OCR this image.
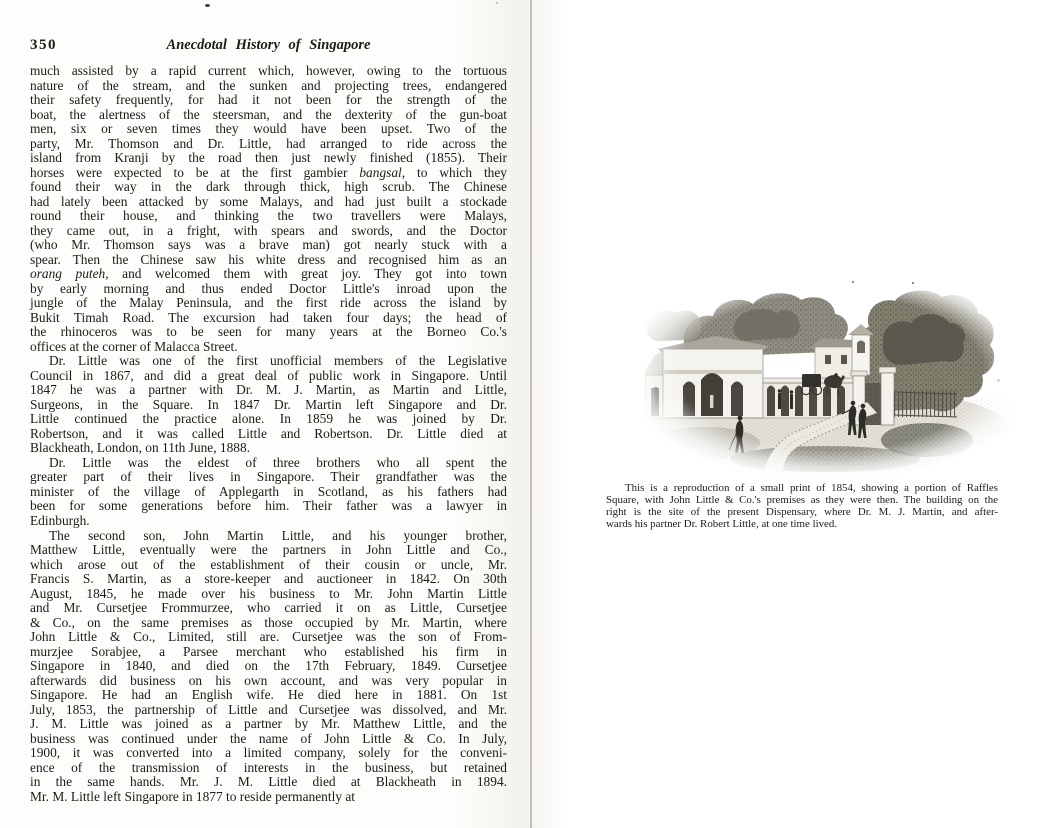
350	Anecdotal History of Singapore
much assisted by a rapid current which, however, owing to the tortuous
nature of the stream, and the sunken and projecting trees, endangered
their safety frequently, for had it not been for the strength of the
boat, the alertness of the steersman, and the dexterity of the gun-boat
men, six or seven times they would have been upset. Two of the
party, Mr. Thomson and Dr. Little, had arranged to ride across the
island from Kranji by the road then just newly finished (1855). Their
horses were expected to be at the first gambier bangsal, to which they
found their way in the dark through thick, high scrub. The Chinese
had lately been attacked by some Malays, and had just built a stockade
round their house, and thinking the two travellers were Malays,
they came out, in a fright, with spears and swords, and the Doctor
(who Mr. Thomson says was a brave man) got nearly stuck with a
spear. Then the Chinese saw his white dress and recognised him as an
orang puteh, and welcomed them with great joy. They got into town
by early morning and thus ended Doctor Little's inroad upon the
jungle of the Malay Peninsula, and the first ride across the island by
Bukit Timah Road. The excursion had taken four days; the head of
the rhinoceros was to be seen for many years at the Borneo Co.'s
offices at the corner of Malacca Street.
Dr. Little was one of the first unofficial members of the Legislative
Council in 1867, and did a great deal of public work in Singapore. Until
1847 he was a partner with Dr. M. J. Martin, as Martin and Little,
Surgeons, in the Square. In 1847 Dr. Martin left Singapore and Dr.
Little continued the practice alone. In 1859 he was joined by Dr.
Robertson, and it was called Little and Robertson. Dr. Little died at
Blackheath, London, on 11th June, 1888.
Dr. Little was the eldest of three brothers who all spent the
greater part of their lives in Singapore. Their grandfather was the
minister of the village of Applegarth in Scotland, as his fathers had
been for some generations before him. Their father was a lawyer in
Edinburgh.
The second son, John Martin Little, and his younger brother,
Matthew Little, eventually were the partners in John Little and Co.,
which arose out of the establishment of their cousin or uncle, Mr.
Francis S. Martin, as a store-keeper and auctioneer in 1842. On 30th
August, 1845, he made over his business to Mr. John Martin Little
and Mr. Cursetjee Frommurzee, who carried it on as Little, Cursetjee
& Co., on the same premises as those occupied by Mr. Martin, where
John Little & Co., Limited, still are. Cursetjee was the son of From-
murzjee Sorabjee, a Parsee merchant who established his firm in
Singapore in 1840, and died on the 17th February, 1849. Cursetjee
afterwards did business on his own account, and was very popular in
Singapore. He had an English wife. He died here in 1881. On 1st
July, 1853, the partnership of Little and Cursetjee was dissolved, and Mr.
J. M. Little was joined as a partner by Mr. Matthew Little, and the
business was continued under the name of John Little & Co. In July,
1900, it was converted into a limited company, solely for the conveni-
ence of the transmission of interests in the business, but retained
in the same hands. Mr. J. M. Little died at Blackheath in 1894.
Mr. M. Little left Singapore in 1877 to reside permanently at
This is a reproduction of a small print of 1854, showing a portion of Raffles
Square, with John Little & Co.'s premises as they were then. The building on the
right is the site of the present Dispensary, where Dr. M. J. Martin, and after-
wards his partner Dr. Robert Little, at one time lived.
